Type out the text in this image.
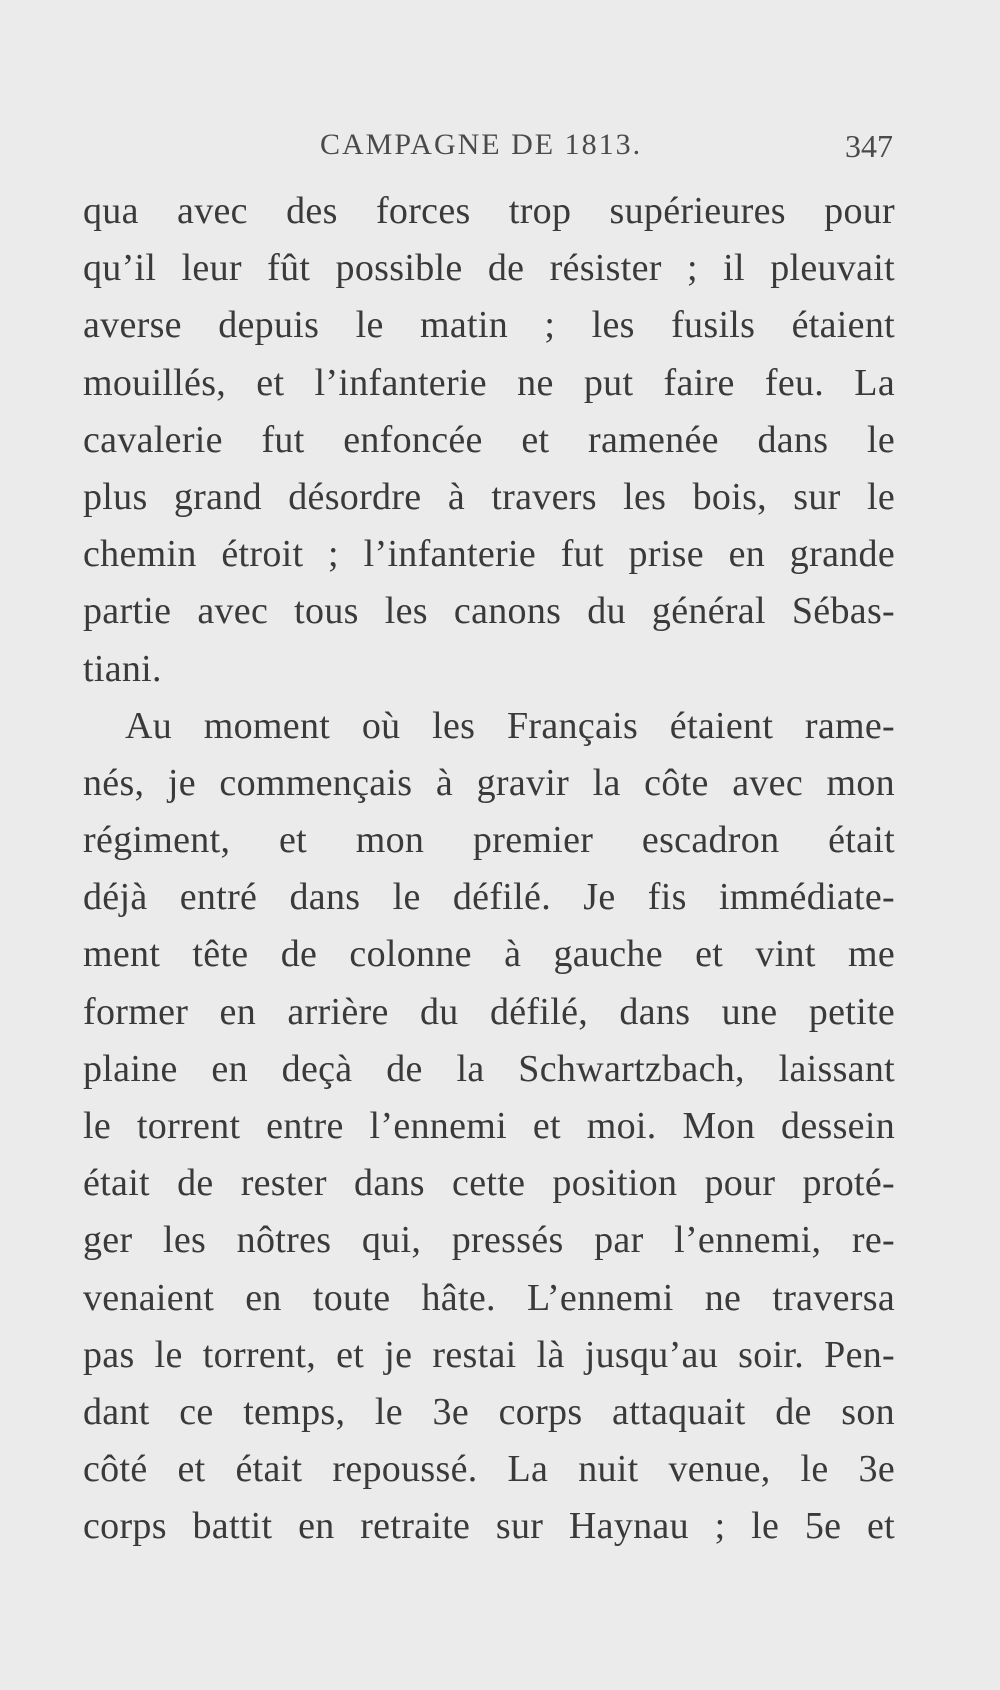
CAMPAGNE DE 1813.	347
qua avec des forces trop supérieures pour
qu’il leur fût possible de résister ; il pleuvait
averse depuis le matin ; les fusils étaient
mouillés, et l’infanterie ne put faire feu. La
cavalerie fut enfoncée et ramenée dans le
plus grand désordre à travers les bois, sur le
chemin étroit ; l’infanterie fut prise en grande
partie avec tous les canons du général Sébas-
tiani.
Au moment où les Français étaient rame-
nés, je commençais à gravir la côte avec mon
régiment, et mon premier escadron était
déjà entré dans le défilé. Je fis immédiate-
ment tête de colonne à gauche et vint me
former en arrière du défilé, dans une petite
plaine en deçà de la Schwartzbach, laissant
le torrent entre l’ennemi et moi. Mon dessein
était de rester dans cette position pour proté-
ger les nôtres qui, pressés par l’ennemi, re-
venaient en toute hâte. L’ennemi ne traversa
pas le torrent, et je restai là jusqu’au soir. Pen-
dant ce temps, le 3e corps attaquait de son
côté et était repoussé. La nuit venue, le 3e
corps battit en retraite sur Haynau ; le 5e et
